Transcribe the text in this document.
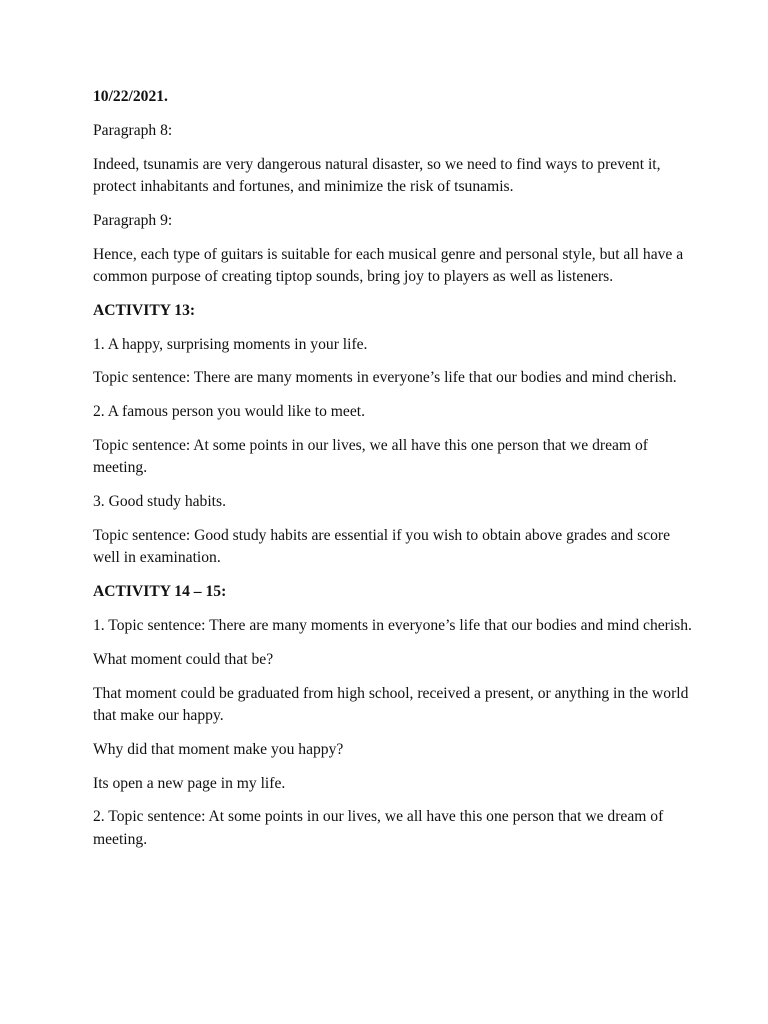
10/22/2021.

Paragraph 8:

Indeed, tsunamis are very dangerous natural disaster, so we need to find ways to prevent it, protect inhabitants and fortunes, and minimize the risk of tsunamis.

Paragraph 9:

Hence, each type of guitars is suitable for each musical genre and personal style, but all have a common purpose of creating tiptop sounds, bring joy to players as well as listeners.

ACTIVITY 13:

1. A happy, surprising moments in your life.

Topic sentence: There are many moments in everyone’s life that our bodies and mind cherish.

2. A famous person you would like to meet.

Topic sentence: At some points in our lives, we all have this one person that we dream of meeting.

3. Good study habits.

Topic sentence: Good study habits are essential if you wish to obtain above grades and score well in examination.

ACTIVITY 14 – 15:

1. Topic sentence: There are many moments in everyone’s life that our bodies and mind cherish.

What moment could that be?

That moment could be graduated from high school, received a present, or anything in the world that make our happy.

Why did that moment make you happy?

Its open a new page in my life.

2. Topic sentence: At some points in our lives, we all have this one person that we dream of meeting.
